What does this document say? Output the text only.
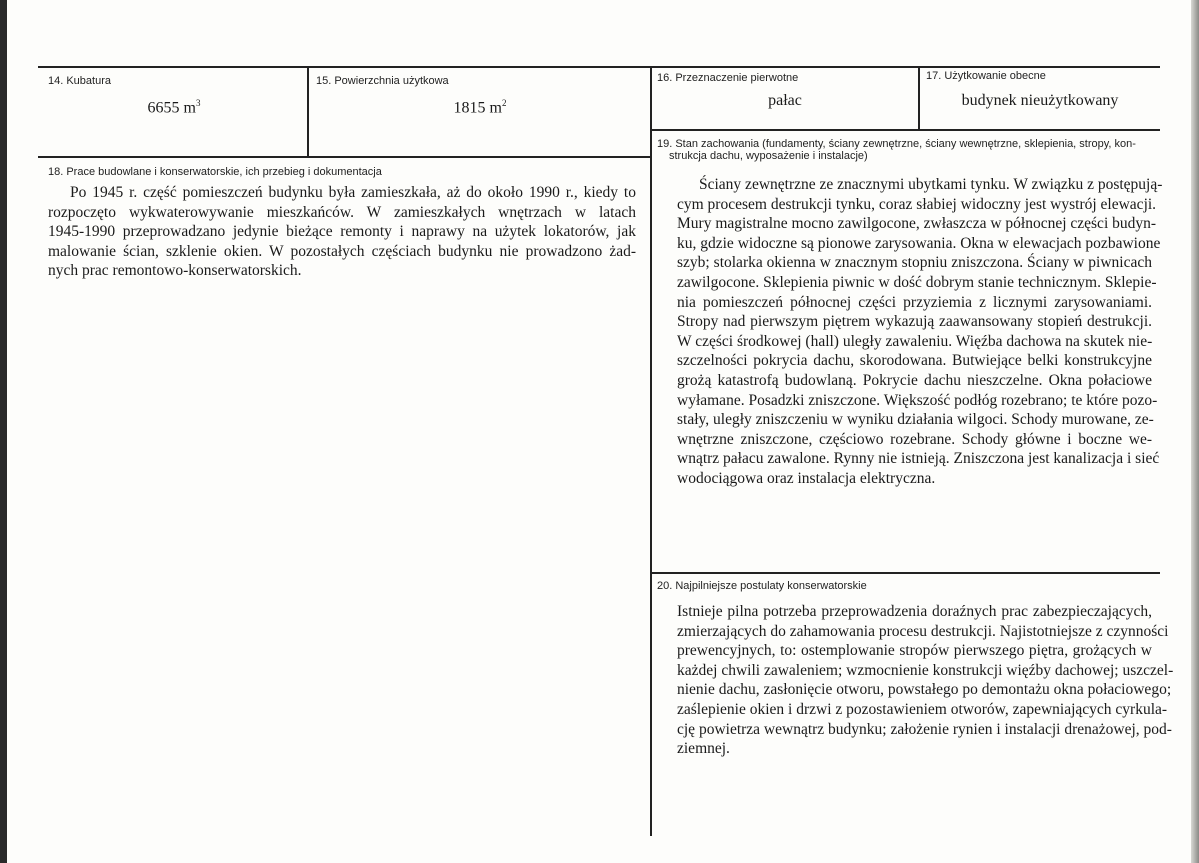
14. Kubatura
6655 $m^3$
15. Powierzchnia użytkowa
1815 $m^2$
16. Przeznaczenie pierwotne
pałac
17. Użytkowanie obecne
budynek nieużytkowany
18. Prace budowlane i konserwatorskie, ich przebieg i dokumentacja
Po 1945 r. część pomieszczeń budynku była zamieszkała, aż do około 1990 r., kiedy to
rozpoczęto wykwaterowywanie mieszkańców. W zamieszkałych wnętrzach w latach
1945-1990 przeprowadzano jedynie bieżące remonty i naprawy na użytek lokatorów, jak
malowanie ścian, szklenie okien. W pozostałych częściach budynku nie prowadzono żad-
nych prac remontowo-konserwatorskich.
19. Stan zachowania (fundamenty, ściany zewnętrzne, ściany wewnętrzne, sklepienia, stropy, kon-
strukcja dachu, wyposażenie i instalacje)
Ściany zewnętrzne ze znacznymi ubytkami tynku. W związku z postępują-
cym procesem destrukcji tynku, coraz słabiej widoczny jest wystrój elewacji.
Mury magistralne mocno zawilgocone, zwłaszcza w północnej części budyn-
ku, gdzie widoczne są pionowe zarysowania. Okna w elewacjach pozbawione
szyb; stolarka okienna w znacznym stopniu zniszczona. Ściany w piwnicach
zawilgocone. Sklepienia piwnic w dość dobrym stanie technicznym. Sklepie-
nia pomieszczeń północnej części przyziemia z licznymi zarysowaniami.
Stropy nad pierwszym piętrem wykazują zaawansowany stopień destrukcji.
W części środkowej (hall) uległy zawaleniu. Więźba dachowa na skutek nie-
szczelności pokrycia dachu, skorodowana. Butwiejące belki konstrukcyjne
grożą katastrofą budowlaną. Pokrycie dachu nieszczelne. Okna połaciowe
wyłamane. Posadzki zniszczone. Większość podłóg rozebrano; te które pozo-
stały, uległy zniszczeniu w wyniku działania wilgoci. Schody murowane, ze-
wnętrzne zniszczone, częściowo rozebrane. Schody główne i boczne we-
wnątrz pałacu zawalone. Rynny nie istnieją. Zniszczona jest kanalizacja i sieć
wodociągowa oraz instalacja elektryczna.
20. Najpilniejsze postulaty konserwatorskie
Istnieje pilna potrzeba przeprowadzenia doraźnych prac zabezpieczających,
zmierzających do zahamowania procesu destrukcji. Najistotniejsze z czynności
prewencyjnych, to: ostemplowanie stropów pierwszego piętra, grożących w
każdej chwili zawaleniem; wzmocnienie konstrukcji więźby dachowej; uszczel-
nienie dachu, zasłonięcie otworu, powstałego po demontażu okna połaciowego;
zaślepienie okien i drzwi z pozostawieniem otworów, zapewniających cyrkula-
cję powietrza wewnątrz budynku; założenie rynien i instalacji drenażowej, pod-
ziemnej.
